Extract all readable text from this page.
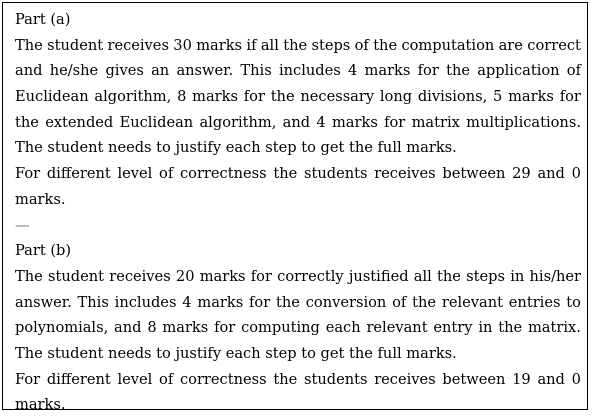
Part (a)
The student receives 30 marks if all the steps of the computation are correct
and he/she gives an answer. This includes 4 marks for the application of
Euclidean algorithm, 8 marks for the necessary long divisions, 5 marks for
the extended Euclidean algorithm, and 4 marks for matrix multiplications.
The student needs to justify each step to get the full marks.
For different level of correctness the students receives between 29 and 0
marks.
—
Part (b)
The student receives 20 marks for correctly justified all the steps in his/her
answer. This includes 4 marks for the conversion of the relevant entries to
polynomials, and 8 marks for computing each relevant entry in the matrix.
The student needs to justify each step to get the full marks.
For different level of correctness the students receives between 19 and 0
marks.
